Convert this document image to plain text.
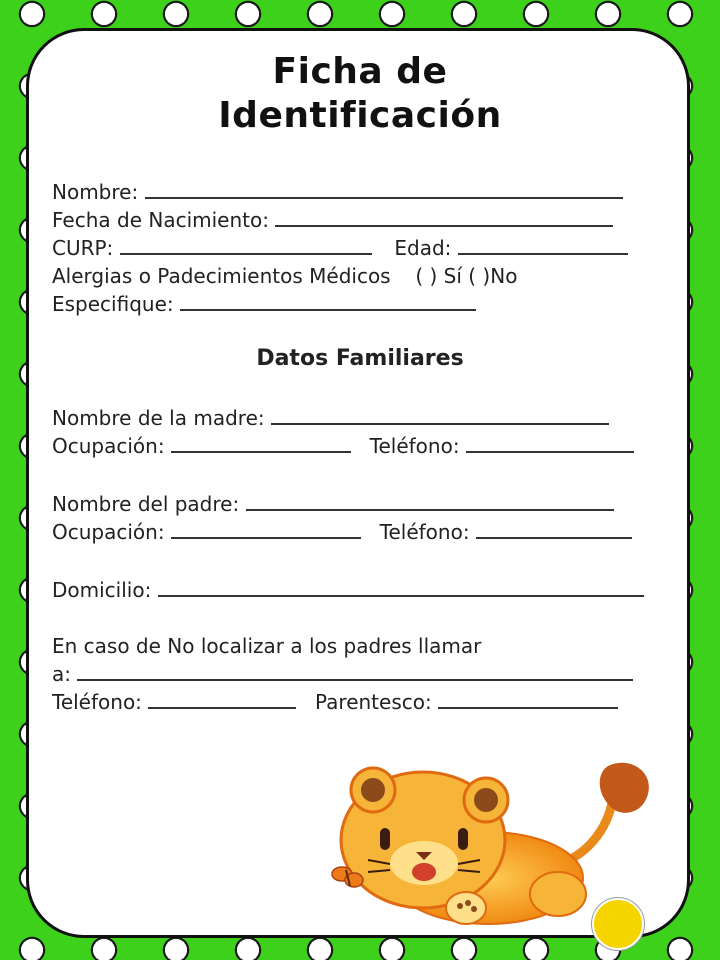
Ficha de
Identificación
Nombre:
Fecha de Nacimiento:
CURP:	Edad:
Alergias o Padecimientos Médicos ( ) Sí ( )No
Especifique:
Datos Familiares
Nombre de la madre:
Ocupación:	Teléfono:
Nombre del padre:
Ocupación:	Teléfono:
Domicilio:
En caso de No localizar a los padres llamar
a:
Teléfono:	Parentesco:
